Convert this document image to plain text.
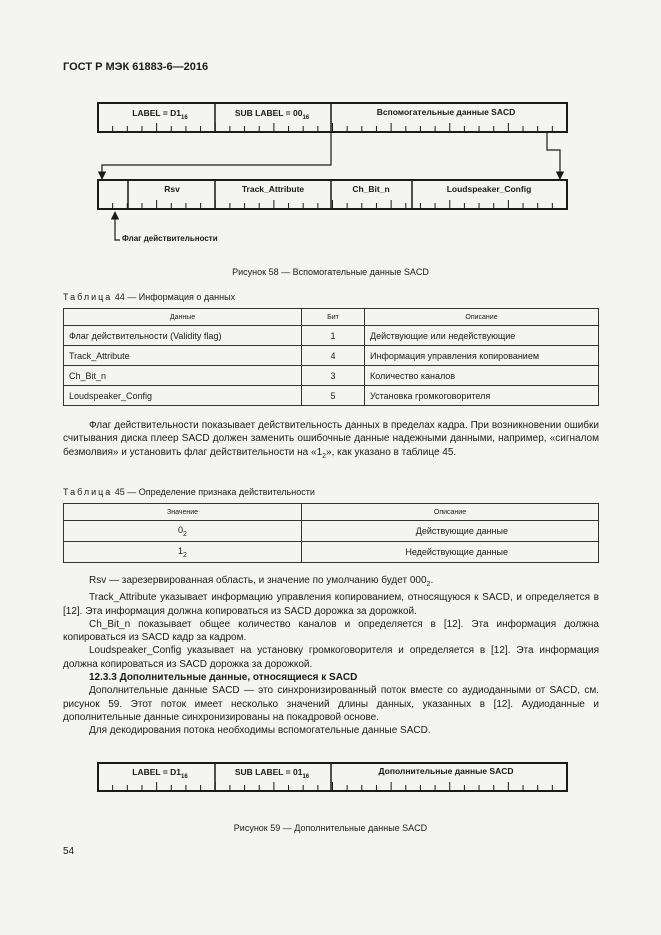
ГОСТ Р МЭК 61883-6—2016
LABEL = $D1_{16}$	SUB LABEL = $00_{16}$
Вспомогательные данные SACD
Rsv	Track_Attribute	Ch_Bit_n	Loudspeaker_Config
Флаг действительности
Рисунок 58 — Вспомогательные данные SACD
Таблица 44 — Информация о данных
Данные	Бит	Описание
Флаг действительности (Validity flag)	1	Действующие или недействующие
Track_Attribute	4	Информация управления копированием
Ch_Bit_n	3	Количество каналов
Loudspeaker_Config	5	Установка громкоговорителя

Флаг действительности показывает действительность данных в пределах кадра. При возникновении ошибки считывания диска плеер SACD должен заменить ошибочные данные надежными данными, например, «сигналом безмолвия» и установить флаг действительности на «$1_2$», как указано в таблице 45.

Таблица 45 — Определение признака действительности
Значение	Описание
$0_2$	Действующие данные
$1_2$	Недействующие данные

Rsv — зарезервированная область, и значение по умолчанию будет $000_2$.

Track_Attribute указывает информацию управления копированием, относящуюся к SACD, и определяется в [12]. Эта информация должна копироваться из SACD дорожка за дорожкой.

Ch_Bit_n показывает общее количество каналов и определяется в [12]. Эта информация должна копироваться из SACD кадр за кадром.

Loudspeaker_Config указывает на установку громкоговорителя и определяется в [12]. Эта информация должна копироваться из SACD дорожка за дорожкой.

12.3.3 Дополнительные данные, относящиеся к SACD

Дополнительные данные SACD — это синхронизированный поток вместе со аудиоданными от SACD, см. рисунок 59. Этот поток имеет несколько значений длины данных, указанных в [12]. Аудиоданные и дополнительные данные синхронизированы на покадровой основе.

Для декодирования потока необходимы вспомогательные данные SACD.

LABEL = $D1_{16}$	SUB LABEL = $01_{16}$
Дополнительные данные SACD
Рисунок 59 — Дополнительные данные SACD
54
